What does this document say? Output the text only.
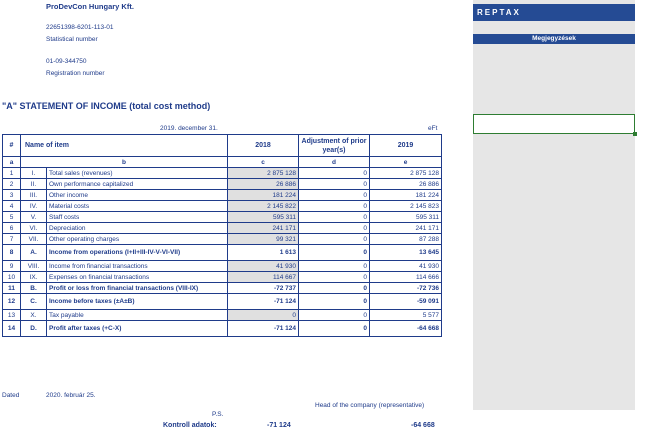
ProDevCon Hungary Kft.
22651398-6201-113-01
Statistical number
01-09-344750
Registration number
"A" STATEMENT OF INCOME (total cost method)
2019. december 31.	eFt
#	Name of item		2018	Adjustment of prior year(s)	2019
a	b		c	d	e
1	I.	Total sales (revenues)	2 875 128	0	2 875 128
2	II.	Own performance capitalized	26 886	0	26 886
3	III.	Other income	181 224	0	181 224
4	IV.	Material costs	2 145 822	0	2 145 823
5	V.	Staff costs	595 311	0	595 311
6	VI.	Depreciation	241 171	0	241 171
7	VII.	Other operating charges	99 321	0	87 288
8	A.	Income from operations (I+II+III-IV-V-VI-VII)	1 613	0	13 645
9	VIII.	Income from financial transactions	41 930	0	41 930
10	IX.	Expenses on financial transactions	114 667	0	114 666
11	B.	Profit or loss from financial transactions (VIII-IX)	-72 737	0	-72 736
12	C.	Income before taxes (±A±B)	-71 124	0	-59 091
13	X.	Tax payable	0	0	5 577
14	D.	Profit after taxes (+C-X)	-71 124	0	-64 668
Dated	2020. február 25.
Head of the company (representative)
P.S.
Kontroll adatok:	-71 124	-64 668
REPTAX
Megjegyzések
